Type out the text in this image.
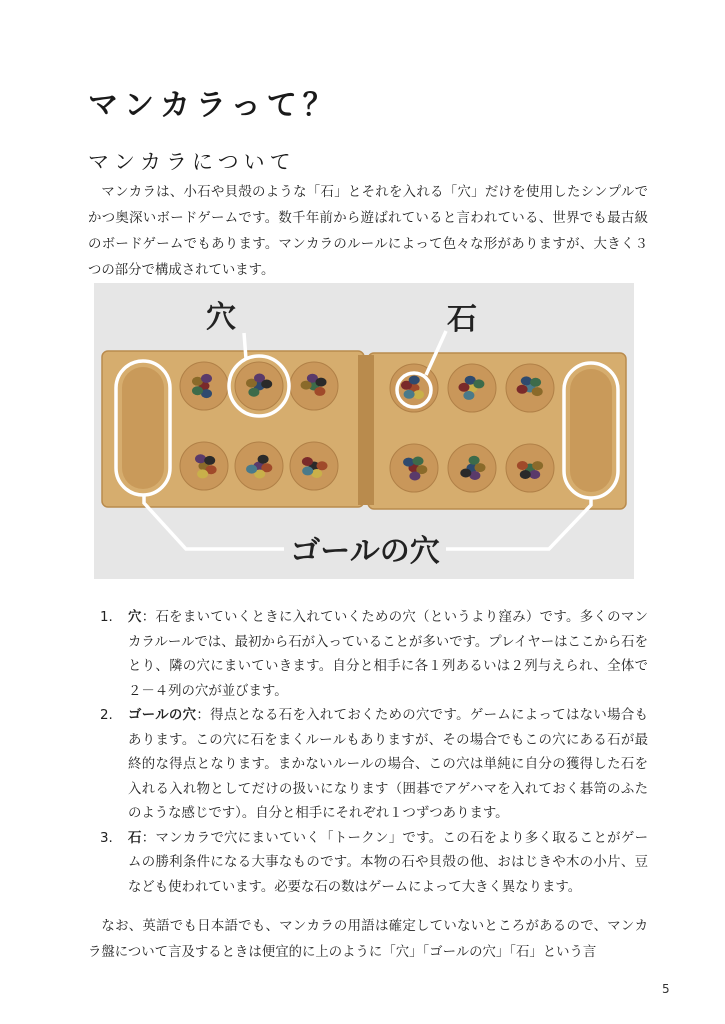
マンカラって？
マンカラについて

マンカラは、小石や貝殻のような「石」とそれを入れる「穴」だけを使用したシンプルでかつ奥深いボードゲームです。数千年前から遊ばれていると言われている、世界でも最古級のボードゲームでもあります。マンカラのルールによって色々な形がありますが、大きく３つの部分で構成されています。

穴	石
ゴールの穴
1. 穴：石をまいていくときに入れていくための穴（というより窪み）です。多くのマンカラルールでは、最初から石が入っていることが多いです。プレイヤーはここから石をとり、隣の穴にまいていきます。自分と相手に各１列あるいは２列与えられ、全体で２－４列の穴が並びます。
2. ゴールの穴：得点となる石を入れておくための穴です。ゲームによってはない場合もあります。この穴に石をまくルールもありますが、その場合でもこの穴にある石が最終的な得点となります。まかないルールの場合、この穴は単純に自分の獲得した石を入れる入れ物としてだけの扱いになります（囲碁でアゲハマを入れておく碁笥のふたのような感じです）。自分と相手にそれぞれ１つずつあります。
3. 石：マンカラで穴にまいていく「トークン」です。この石をより多く取ることがゲームの勝利条件になる大事なものです。本物の石や貝殻の他、おはじきや木の小片、豆なども使われています。必要な石の数はゲームによって大きく異なります。

なお、英語でも日本語でも、マンカラの用語は確定していないところがあるので、マンカラ盤について言及するときは便宜的に上のように「穴」「ゴールの穴」「石」という言

5
